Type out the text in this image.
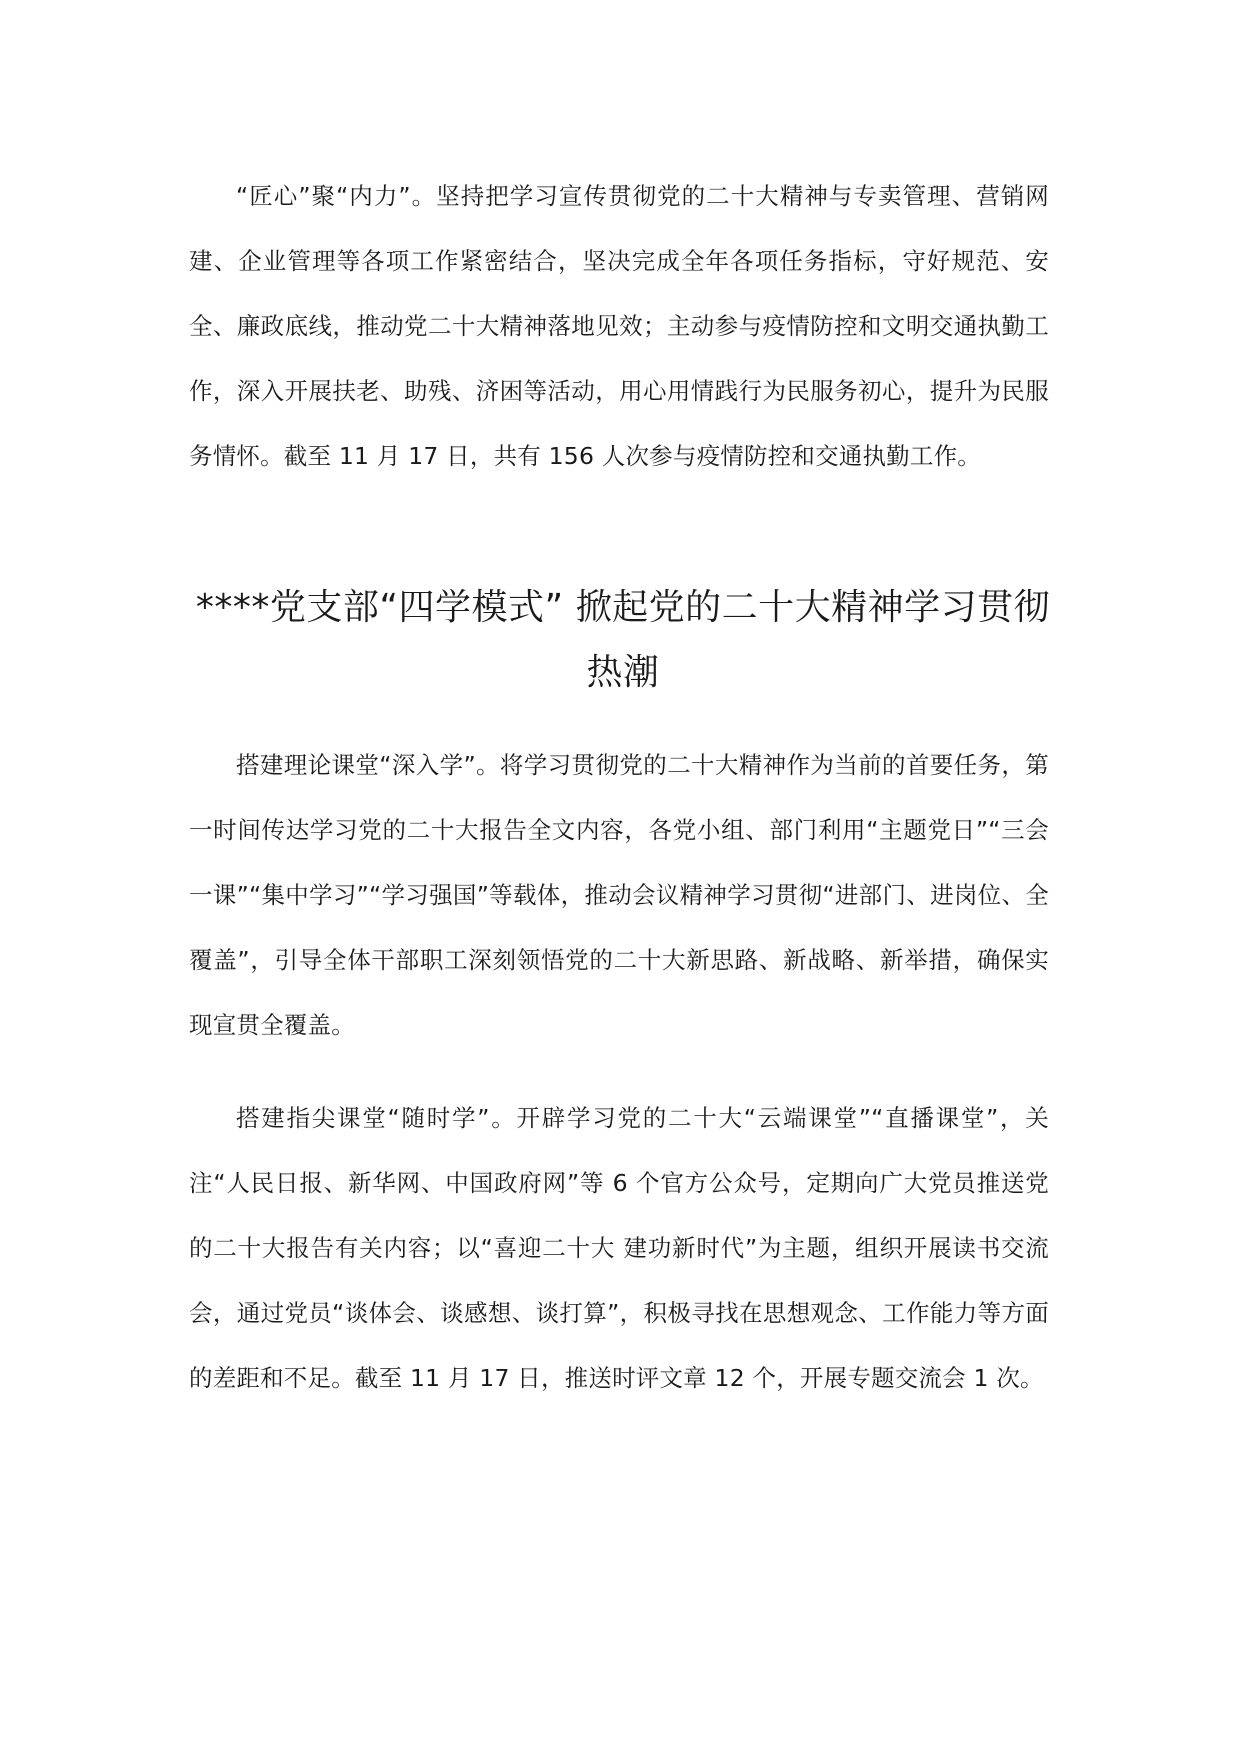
“匠心”聚“内力”。坚持把学习宣传贯彻党的二十大精神与专卖管理、营销网建、企业管理等各项工作紧密结合，坚决完成全年各项任务指标，守好规范、安全、廉政底线，推动党二十大精神落地见效；主动参与疫情防控和文明交通执勤工作，深入开展扶老、助残、济困等活动，用心用情践行为民服务初心，提升为民服务情怀。截至 11 月 17 日，共有 156 人次参与疫情防控和交通执勤工作。

****党支部“四学模式” 掀起党的二十大精神学习贯彻热潮

搭建理论课堂“深入学”。将学习贯彻党的二十大精神作为当前的首要任务，第一时间传达学习党的二十大报告全文内容，各党小组、部门利用“主题党日”“三会一课”“集中学习”“学习强国”等载体，推动会议精神学习贯彻“进部门、进岗位、全覆盖”，引导全体干部职工深刻领悟党的二十大新思路、新战略、新举措，确保实现宣贯全覆盖。

搭建指尖课堂“随时学”。开辟学习党的二十大“云端课堂”“直播课堂”，关注“人民日报、新华网、中国政府网”等 6 个官方公众号，定期向广大党员推送党的二十大报告有关内容；以“喜迎二十大 建功新时代”为主题，组织开展读书交流会，通过党员“谈体会、谈感想、谈打算”，积极寻找在思想观念、工作能力等方面的差距和不足。截至 11 月 17 日，推送时评文章 12 个，开展专题交流会 1 次。
